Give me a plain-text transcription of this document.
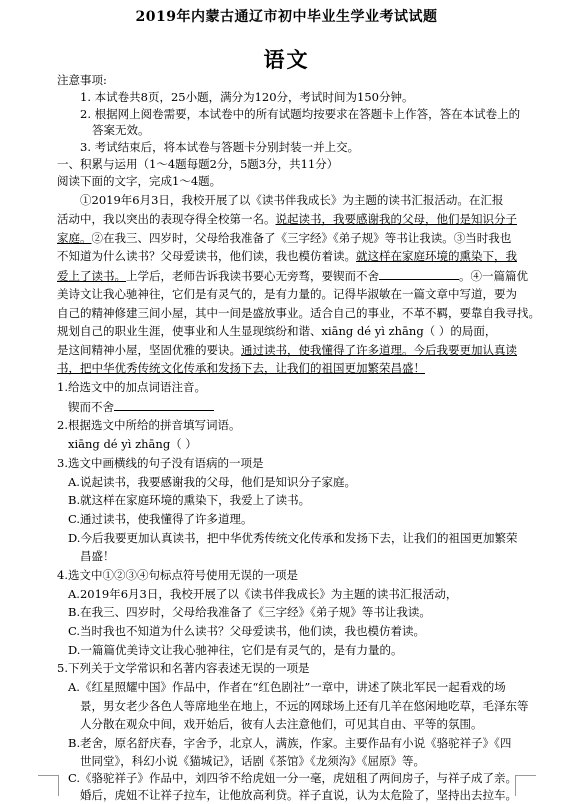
2019年内蒙古通辽市初中毕业生学业考试试题
语文
注意事项:
1. 本试卷共8页，25小题，满分为120分，考试时间为150分钟。
2. 根据网上阅卷需要，本试卷中的所有试题均按要求在答题卡上作答，答在本试卷上的
答案无效。
3. 考试结束后，将本试卷与答题卡分别封装一并上交。
一、积累与运用（1～4题每题2分，5题3分，共11分）
阅读下面的文字，完成1～4题。
①2019年6月3日，我校开展了以《读书伴我成长》为主题的读书汇报活动。在汇报
活动中，我以突出的表现夺得全校第一名。说起读书，我要感谢我的父母，他们是知识分子
家庭。②在我三、四岁时，父母给我准备了《三字经》《弟子规》等书让我读。③当时我也
不知道为什么读书？父母爱读书，他们读，我也模仿着读。就这样在家庭环境的熏染下，我
爱上了读书。上学后，老师告诉我读书要心无旁骛，要锲而不舍	。④一篇篇优
美诗文让我心驰神往，它们是有灵气的，是有力量的。记得毕淑敏在一篇文章中写道，要为
自己的精神修建三间小屋，其中一间是盛放事业。适合自己的事业，不革不羁，要靠自我寻找。
规划自己的职业生涯，使事业和人生显现缤纷和谐、xiāng dé yì zhāng（ ）的局面，
是这间精神小屋，坚固优雅的要诀。通过读书，使我懂得了许多道理。今后我要更加认真读
书，把中华优秀传统文化传承和发扬下去，让我们的祖国更加繁荣昌盛！
1.给选文中的加点词语注音。
锲而不舍
2.根据选文中所给的拼音填写词语。
xiāng dé yì zhāng（ ）
3.选文中画横线的句子没有语病的一项是
A.说起读书，我要感谢我的父母，他们是知识分子家庭。
B.就这样在家庭环境的熏染下，我爱上了读书。
C.通过读书，使我懂得了许多道理。
D.今后我要更加认真读书，把中华优秀传统文化传承和发扬下去，让我们的祖国更加繁荣
昌盛！
4.选文中①②③④句标点符号使用无误的一项是
A.2019年6月3日，我校开展了以《读书伴我成长》为主题的读书汇报活动，
B.在我三、四岁时，父母给我准备了《三字经》《弟子规》等书让我读。
C.当时我也不知道为什么读书？父母爱读书，他们读，我也模仿着读。
D.一篇篇优美诗文让我心驰神往，它们是有灵气的，是有力量的。
5.下列关于文学常识和名著内容表述无误的一项是
A.《红星照耀中国》作品中，作者在“红色剧社”一章中，讲述了陕北军民一起看戏的场
景，男女老少各色人等席地坐在地上，不远的网球场上还有几羊在悠闲地吃草，毛泽东等
人分散在观众中间，戏开始后，彼有人去注意他们，可见其自由、平等的氛围。
B.老舍，原名舒庆春，字舍予，北京人，满族，作家。主要作品有小说《骆驼祥子》《四
世同堂》，科幻小说《猫城记》，话剧《茶馆》《龙须沟》《屈原》等。
C.《骆驼祥子》作品中，刘四爷不给虎妞一分一毫，虎妞租了两间房子，与祥子成了亲。
婚后，虎妞不让祥子拉车，让他放高利贷。祥子直说，认为太危险了，坚持出去拉车。
